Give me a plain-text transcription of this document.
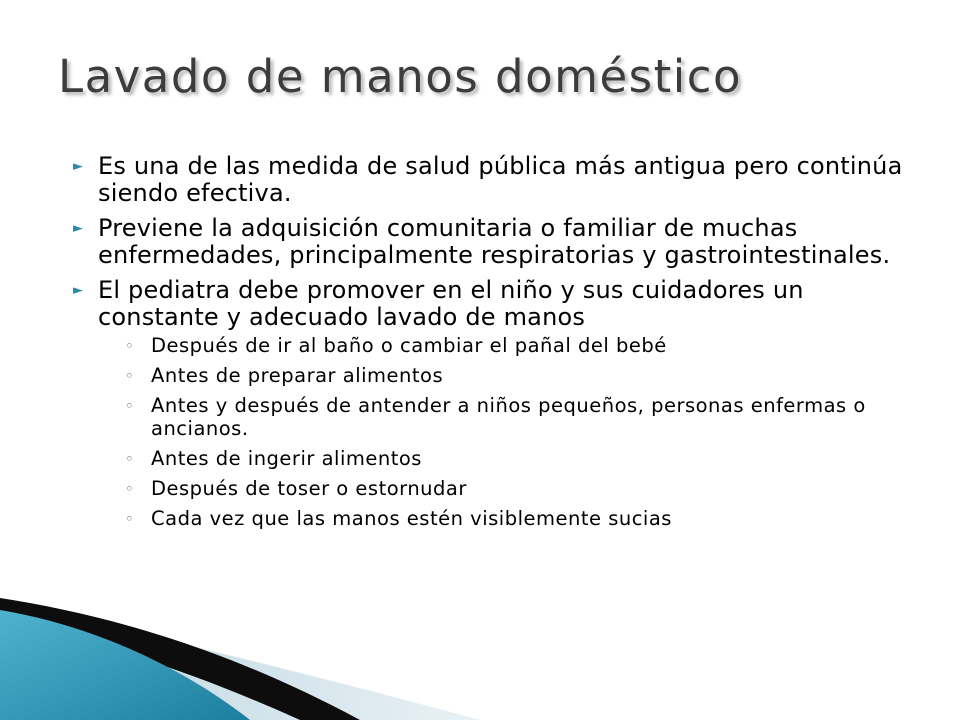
Lavado de manos doméstico
► Es una de las medida de salud pública más antigua pero continúa siendo efectiva.
► Previene la adquisición comunitaria o familiar de muchas enfermedades, principalmente respiratorias y gastrointestinales.
► El pediatra debe promover en el niño y sus cuidadores un constante y adecuado lavado de manos
◦ Después de ir al baño o cambiar el pañal del bebé
◦ Antes de preparar alimentos
◦ Antes y después de antender a niños pequeños, personas enfermas o ancianos.
◦ Antes de ingerir alimentos
◦ Después de toser o estornudar
◦ Cada vez que las manos estén visiblemente sucias
